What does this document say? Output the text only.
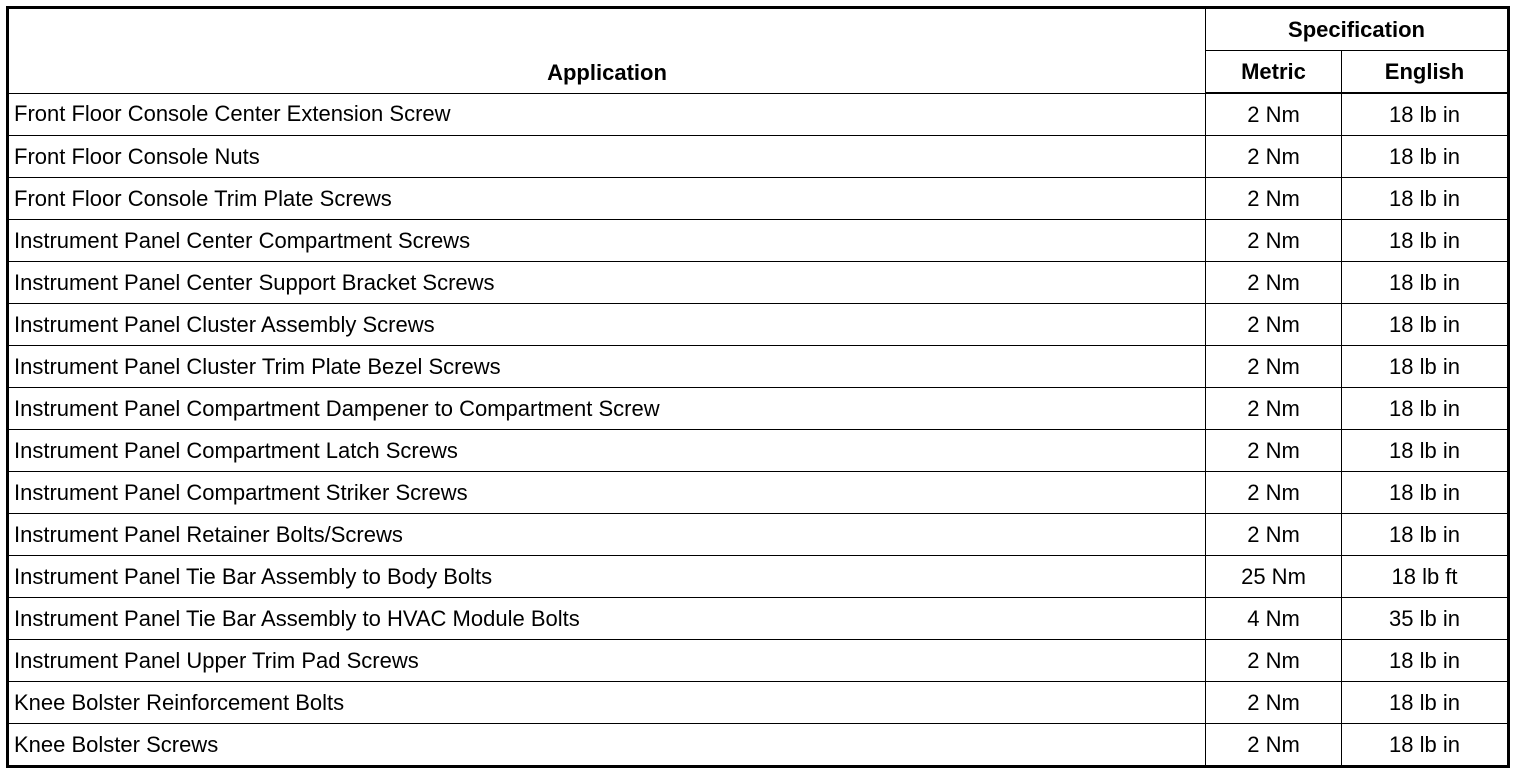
Application	Specification	
	Metric	English
Front Floor Console Center Extension Screw	2 Nm	18 lb in
Front Floor Console Nuts	2 Nm	18 lb in
Front Floor Console Trim Plate Screws	2 Nm	18 lb in
Instrument Panel Center Compartment Screws	2 Nm	18 lb in
Instrument Panel Center Support Bracket Screws	2 Nm	18 lb in
Instrument Panel Cluster Assembly Screws	2 Nm	18 lb in
Instrument Panel Cluster Trim Plate Bezel Screws	2 Nm	18 lb in
Instrument Panel Compartment Dampener to Compartment Screw	2 Nm	18 lb in
Instrument Panel Compartment Latch Screws	2 Nm	18 lb in
Instrument Panel Compartment Striker Screws	2 Nm	18 lb in
Instrument Panel Retainer Bolts/Screws	2 Nm	18 lb in
Instrument Panel Tie Bar Assembly to Body Bolts	25 Nm	18 lb ft
Instrument Panel Tie Bar Assembly to HVAC Module Bolts	4 Nm	35 lb in
Instrument Panel Upper Trim Pad Screws	2 Nm	18 lb in
Knee Bolster Reinforcement Bolts	2 Nm	18 lb in
Knee Bolster Screws	2 Nm	18 lb in
